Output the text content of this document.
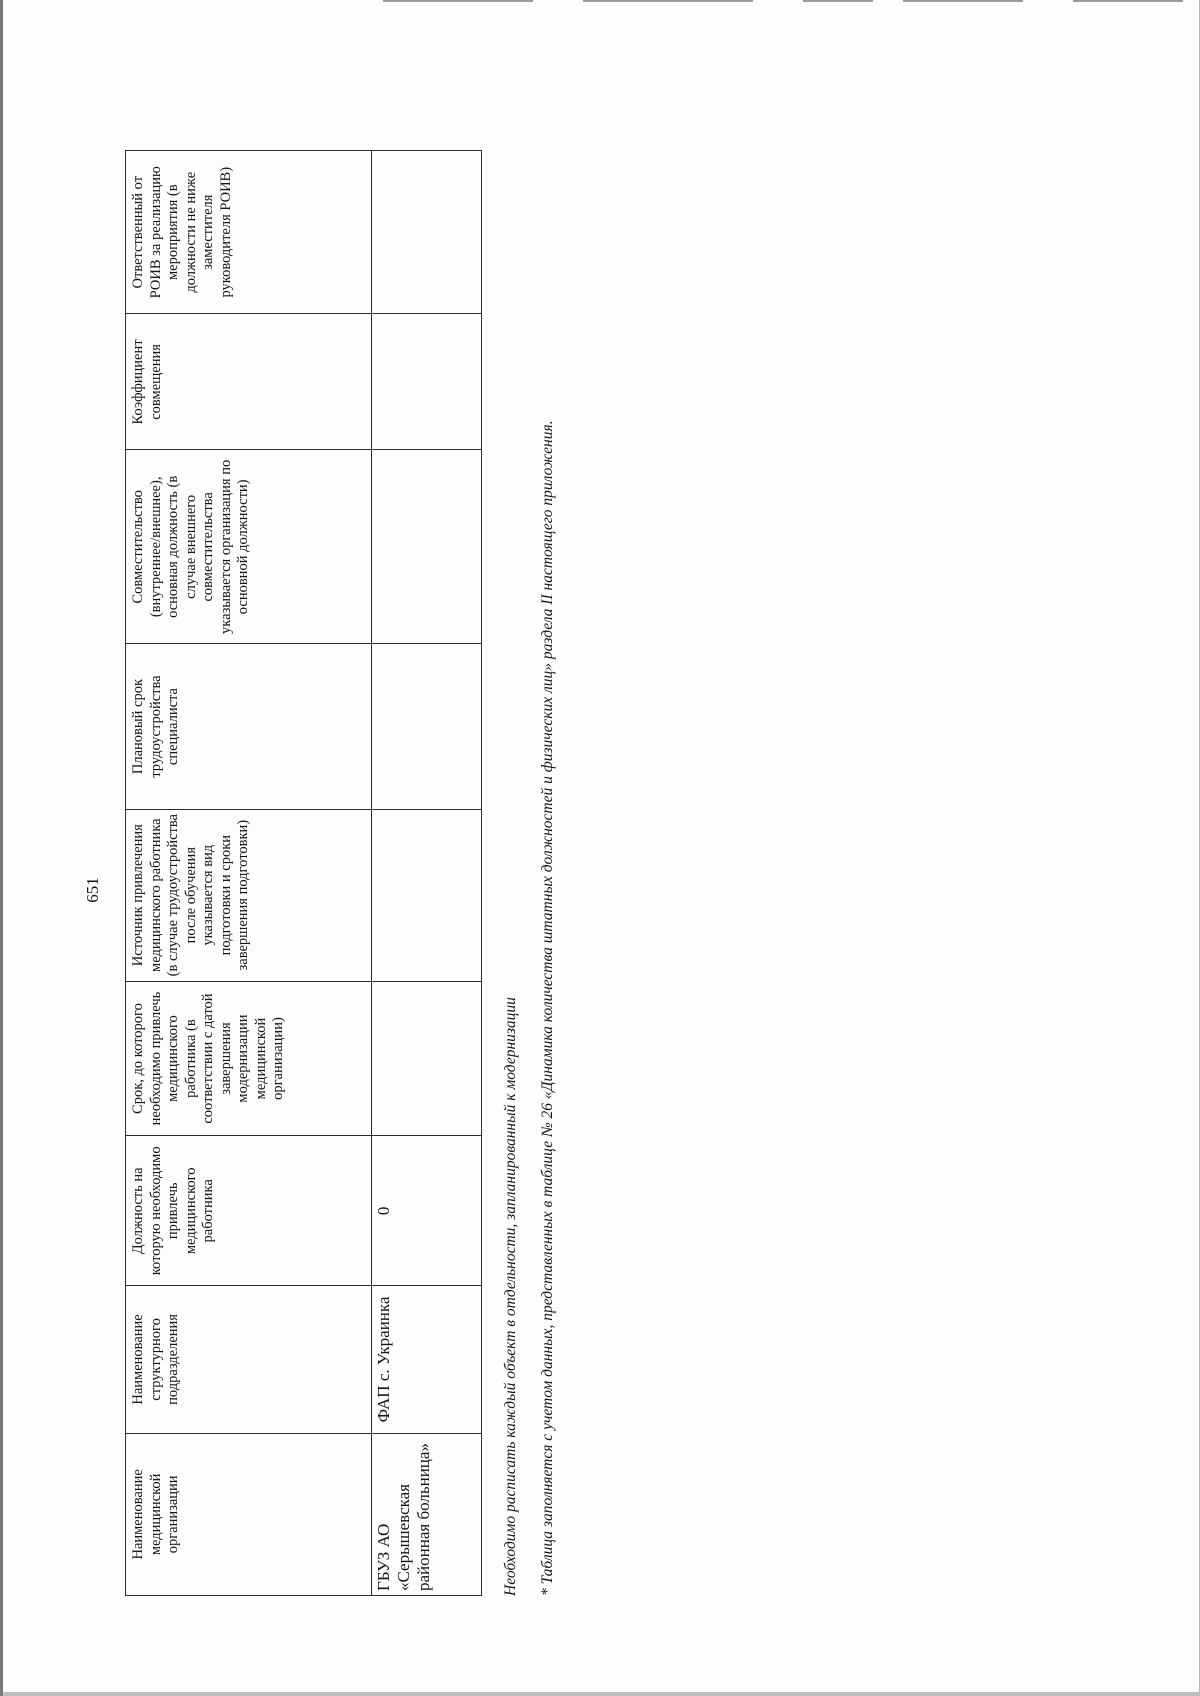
651
Наименование медицинской организации	Наименование структурного подразделения	Должность на которую необходимо привлечь медицинского работника	Срок, до которого необходимо привлечь медицинского работника (в соответствии с датой завершения модернизации медицинской организации)	Источник привлечения медицинского работника (в случае трудоустройства после обучения указывается вид подготовки и сроки завершения подготовки)	Плановый срок трудоустройства специалиста	Совместительство (внутреннее/внешнее), основная должность (в случае внешнего совместительства указывается организация по основной должности)	Коэффициент совмещения	Ответственный от РОИВ за реализацию мероприятия (в должности не ниже заместителя руководителя РОИВ)
ГБУЗ АО «Серышевская районная больница»	ФАП с. Украинка	0							Необходимо расписать каждый объект в отдельности, запланированный к модернизации * Таблица заполняется с учетом данных, представленных в таблице № 26 «Динамика количества штатных должностей и физических лиц» раздела II настоящего приложения.
